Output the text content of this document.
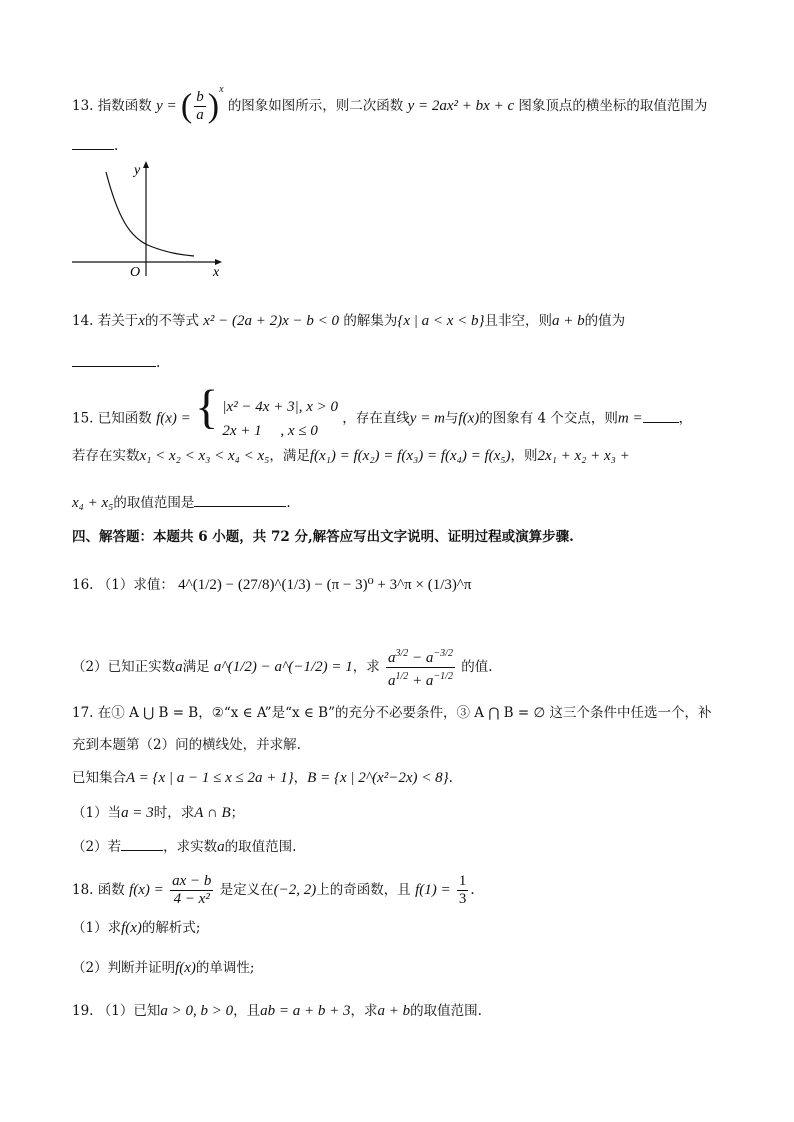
13. 指数函数 y = ( $\frac{b}{a} )^x$ 的图象如图所示，则二次函数 y = 2ax² + bx + c 图象顶点的横坐标的取值范围为
.
y
x
O
14. 若关于x的不等式 x² − (2a + 2)x − b < 0 的解集为{x | a < x < b}且非空，则a + b的值为
.
15. 已知函数 f(x) = { |x² − 4x + 3|, x > 0
2x + 1     , x ≤ 0
，存在直线y = m与f(x)的图象有 4 个交点，则m =	，
若存在实数x₁ < x₂ < x₃ < x₄ < x₅，满足f(x₁) = f(x₂) = f(x₃) = f(x₄) = f(x₅)，则2x₁ + x₂ + x₃ +
x₄ + x₅的取值范围是	.
四、解答题：本题共 6 小题，共 72 分,解答应写出文字说明、证明过程或演算步骤.
16. （1）求值： 4^(1/2) − (27/8)^(1/3) − (π − 3)⁰ + 3^π × (1/3)^π
（2）已知正实数a满足 a^(1/2) − a^(−1/2) = 1，求 $\frac{a^{3/2} - a^{-3/2}}{a^{1/2} + a^{-1/2}}$ 的值.
17. 在① A ⋃ B = B，②“x ∈ A”是“x ∈ B”的充分不必要条件，③ A ⋂ B = ∅ 这三个条件中任选一个，补
充到本题第（2）问的横线处，并求解.
已知集合A = {x | a − 1 ≤ x ≤ 2a + 1}，B = {x | 2^(x²−2x) < 8}.
（1）当a = 3时，求A ∩ B；
（2）若	，求实数a的取值范围.
18. 函数 $f(x) = \frac{ax - b}{\text{4 − x²}}$ 是定义在(−2, 2)上的奇函数，且 $f(1) = \frac{1}{3}$ .
（1）求f(x)的解析式;
（2）判断并证明f(x)的单调性;
19. （1）已知a > 0, b > 0，且ab = a + b + 3，求a + b的取值范围.
